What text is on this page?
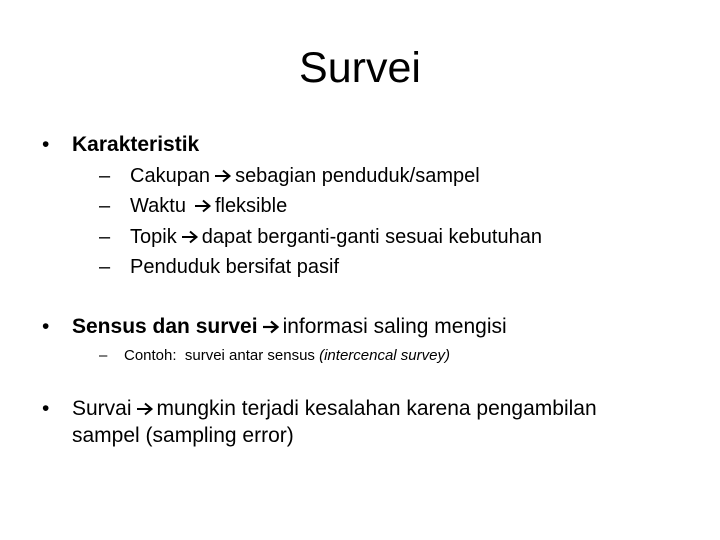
Survei
• Karakteristik
– Cakupan sebagian penduduk/sampel
– Waktu fleksible
– Topik dapat berganti-ganti sesuai kebutuhan
– Penduduk bersifat pasif
• Sensus dan survei informasi saling mengisi
– Contoh:  survei antar sensus (intercencal survey)
• Survai mungkin terjadi kesalahan karena pengambilan
sampel (sampling error)
